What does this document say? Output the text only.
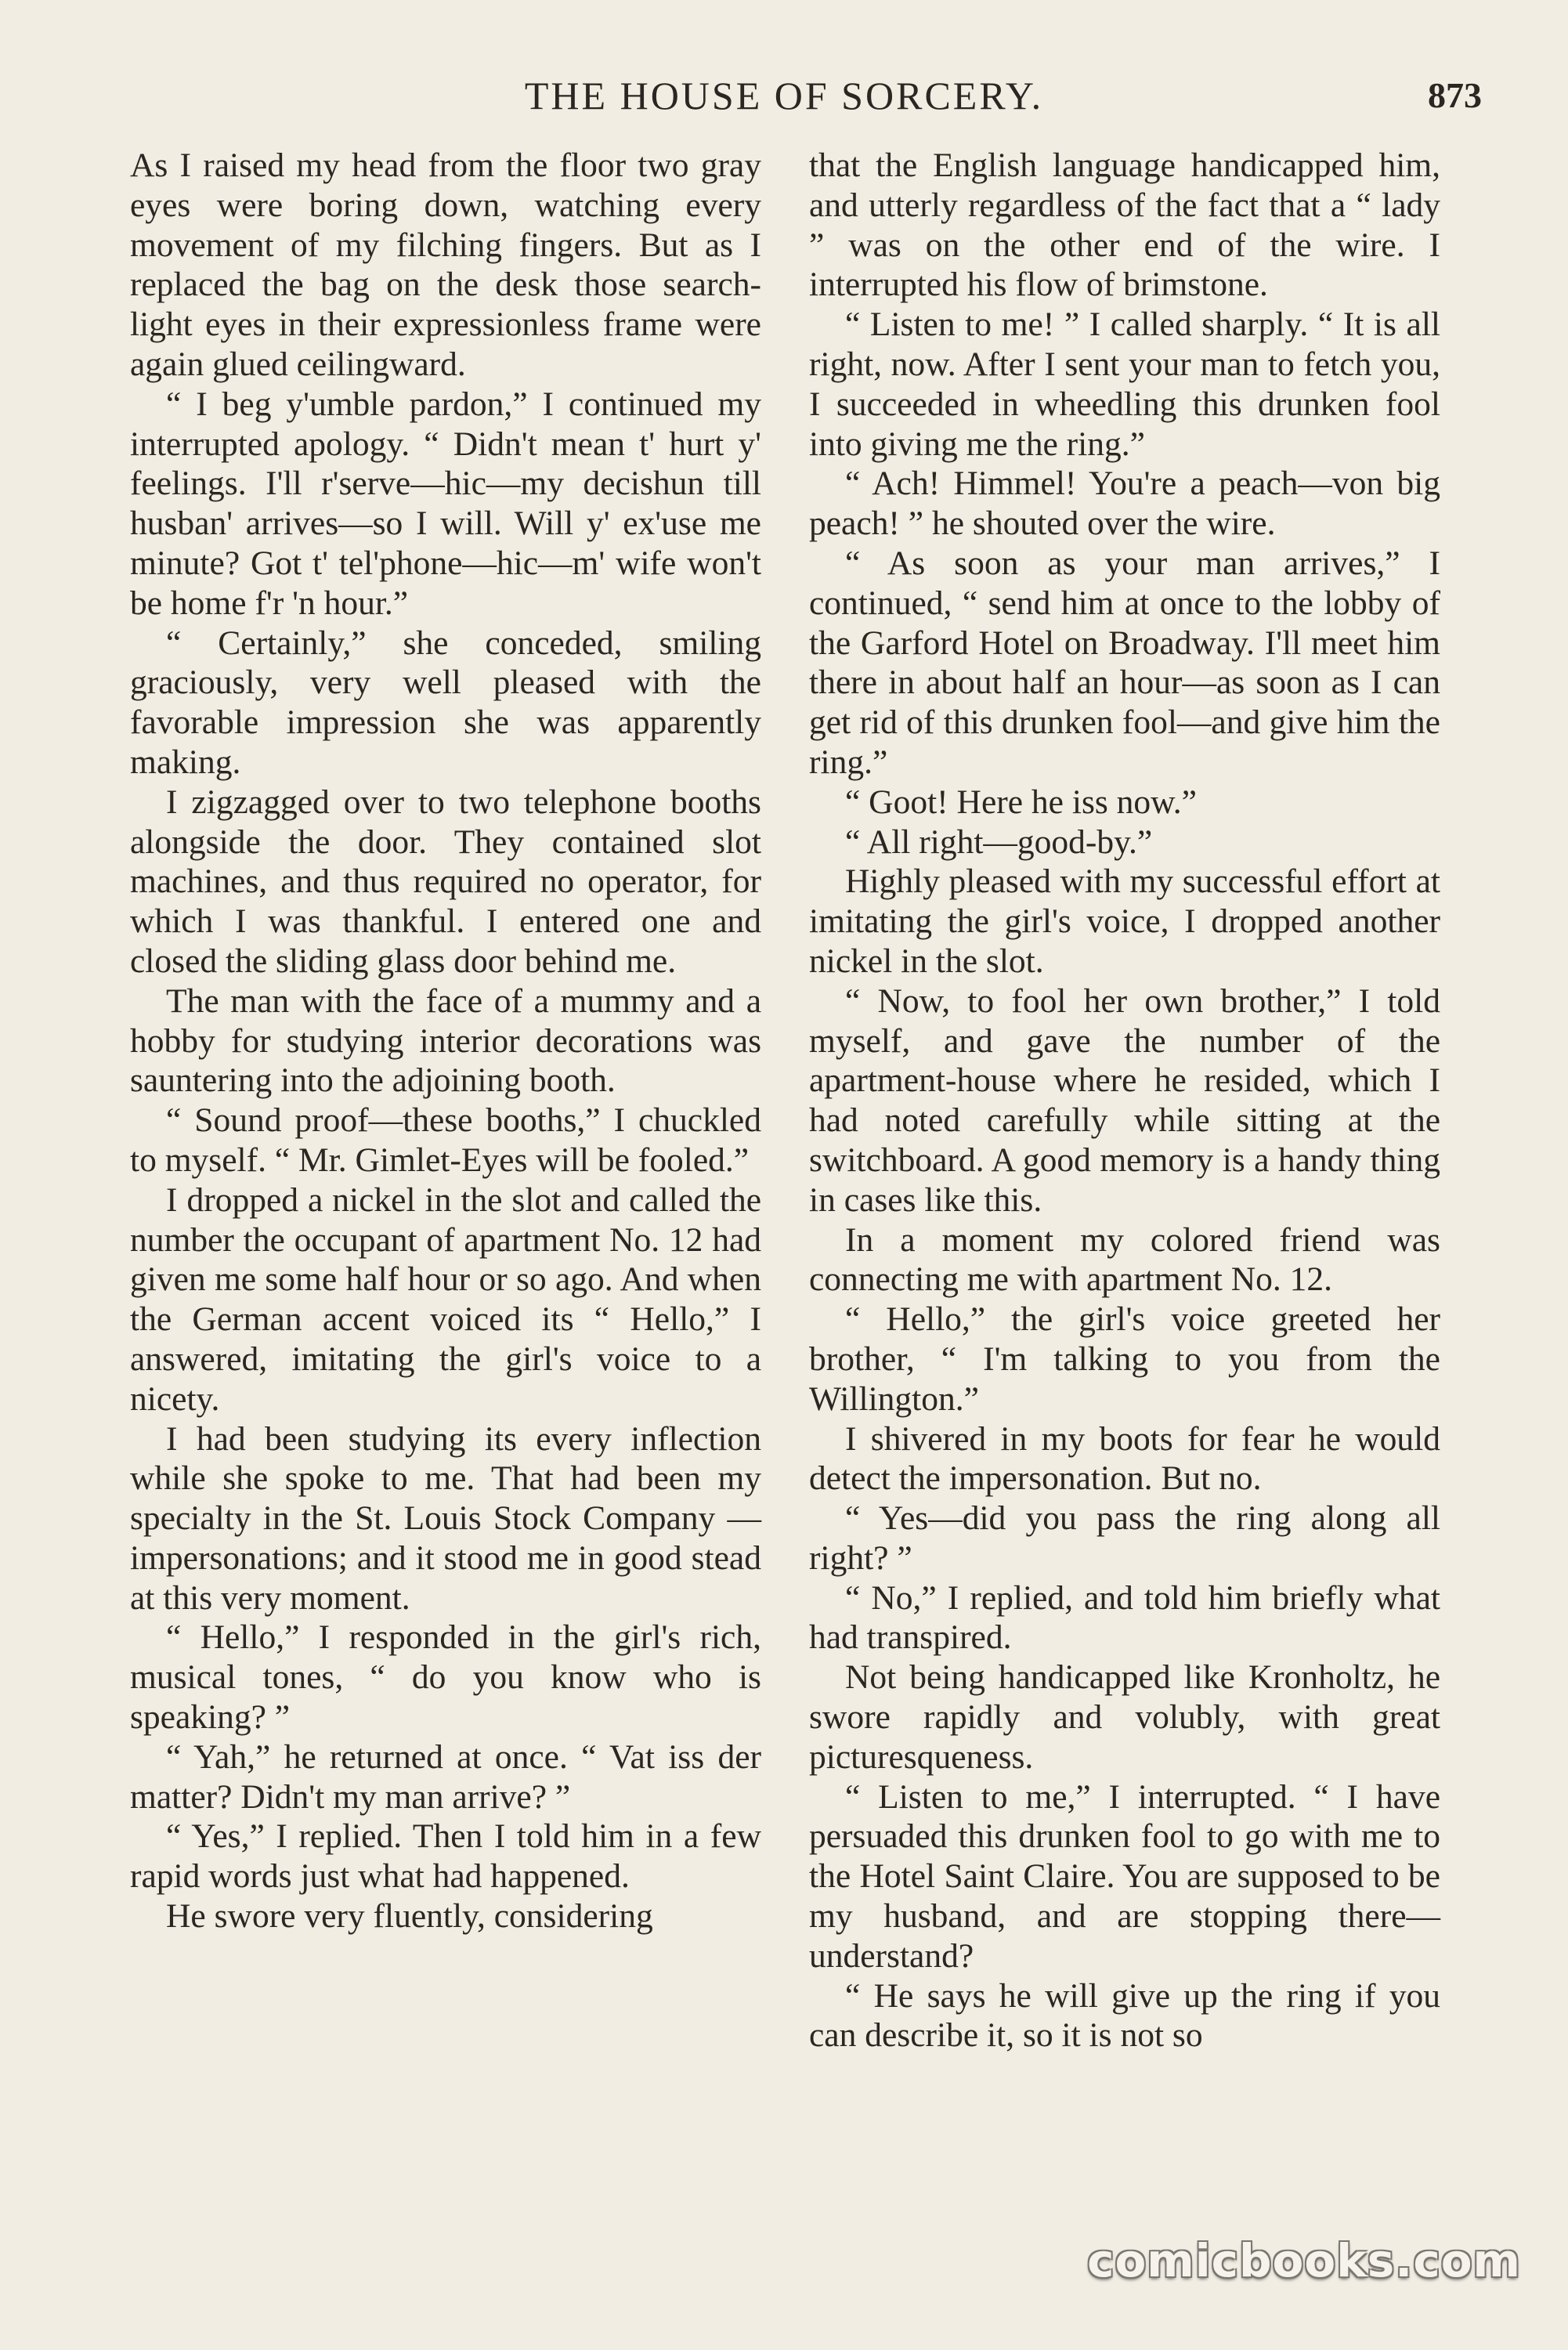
THE HOUSE OF SORCERY.	873

As I raised my head from the floor two gray eyes were boring down, watching every movement of my filching fingers. But as I replaced the bag on the desk those search-light eyes in their expressionless frame were again glued ceilingward.

“ I beg y'umble pardon,” I continued my interrupted apology. “ Didn't mean t' hurt y' feelings. I'll r'serve—hic—my decishun till husban' arrives—so I will. Will y' ex'use me minute? Got t' tel'phone—hic—m' wife won't be home f'r 'n hour.”

“ Certainly,” she conceded, smiling graciously, very well pleased with the favorable impression she was apparently making.

I zigzagged over to two telephone booths alongside the door. They contained slot machines, and thus required no operator, for which I was thankful. I entered one and closed the sliding glass door behind me.

The man with the face of a mummy and a hobby for studying interior decorations was sauntering into the adjoining booth.

“ Sound proof—these booths,” I chuckled to myself. “ Mr. Gimlet-Eyes will be fooled.”

I dropped a nickel in the slot and called the number the occupant of apartment No. 12 had given me some half hour or so ago. And when the German accent voiced its “ Hello,” I answered, imitating the girl's voice to a nicety.

I had been studying its every inflection while she spoke to me. That had been my specialty in the St. Louis Stock Company — impersonations; and it stood me in good stead at this very moment.

“ Hello,” I responded in the girl's rich, musical tones, “ do you know who is speaking? ”

“ Yah,” he returned at once. “ Vat iss der matter? Didn't my man arrive? ”

“ Yes,” I replied. Then I told him in a few rapid words just what had happened.

He swore very fluently, considering

that the English language handicapped him, and utterly regardless of the fact that a “ lady ” was on the other end of the wire. I interrupted his flow of brimstone.

“ Listen to me! ” I called sharply. “ It is all right, now. After I sent your man to fetch you, I succeeded in wheedling this drunken fool into giving me the ring.”

“ Ach! Himmel! You're a peach—von big peach! ” he shouted over the wire.

“ As soon as your man arrives,” I continued, “ send him at once to the lobby of the Garford Hotel on Broadway. I'll meet him there in about half an hour—as soon as I can get rid of this drunken fool—and give him the ring.”

“ Goot! Here he iss now.”

“ All right—good-by.”

Highly pleased with my successful effort at imitating the girl's voice, I dropped another nickel in the slot.

“ Now, to fool her own brother,” I told myself, and gave the number of the apartment-house where he resided, which I had noted carefully while sitting at the switchboard. A good memory is a handy thing in cases like this.

In a moment my colored friend was connecting me with apartment No. 12.

“ Hello,” the girl's voice greeted her brother, “ I'm talking to you from the Willington.”

I shivered in my boots for fear he would detect the impersonation. But no.

“ Yes—did you pass the ring along all right? ”

“ No,” I replied, and told him briefly what had transpired.

Not being handicapped like Kronholtz, he swore rapidly and volubly, with great picturesqueness.

“ Listen to me,” I interrupted. “ I have persuaded this drunken fool to go with me to the Hotel Saint Claire. You are supposed to be my husband, and are stopping there—understand?

“ He says he will give up the ring if you can describe it, so it is not so

comicbooks.com
